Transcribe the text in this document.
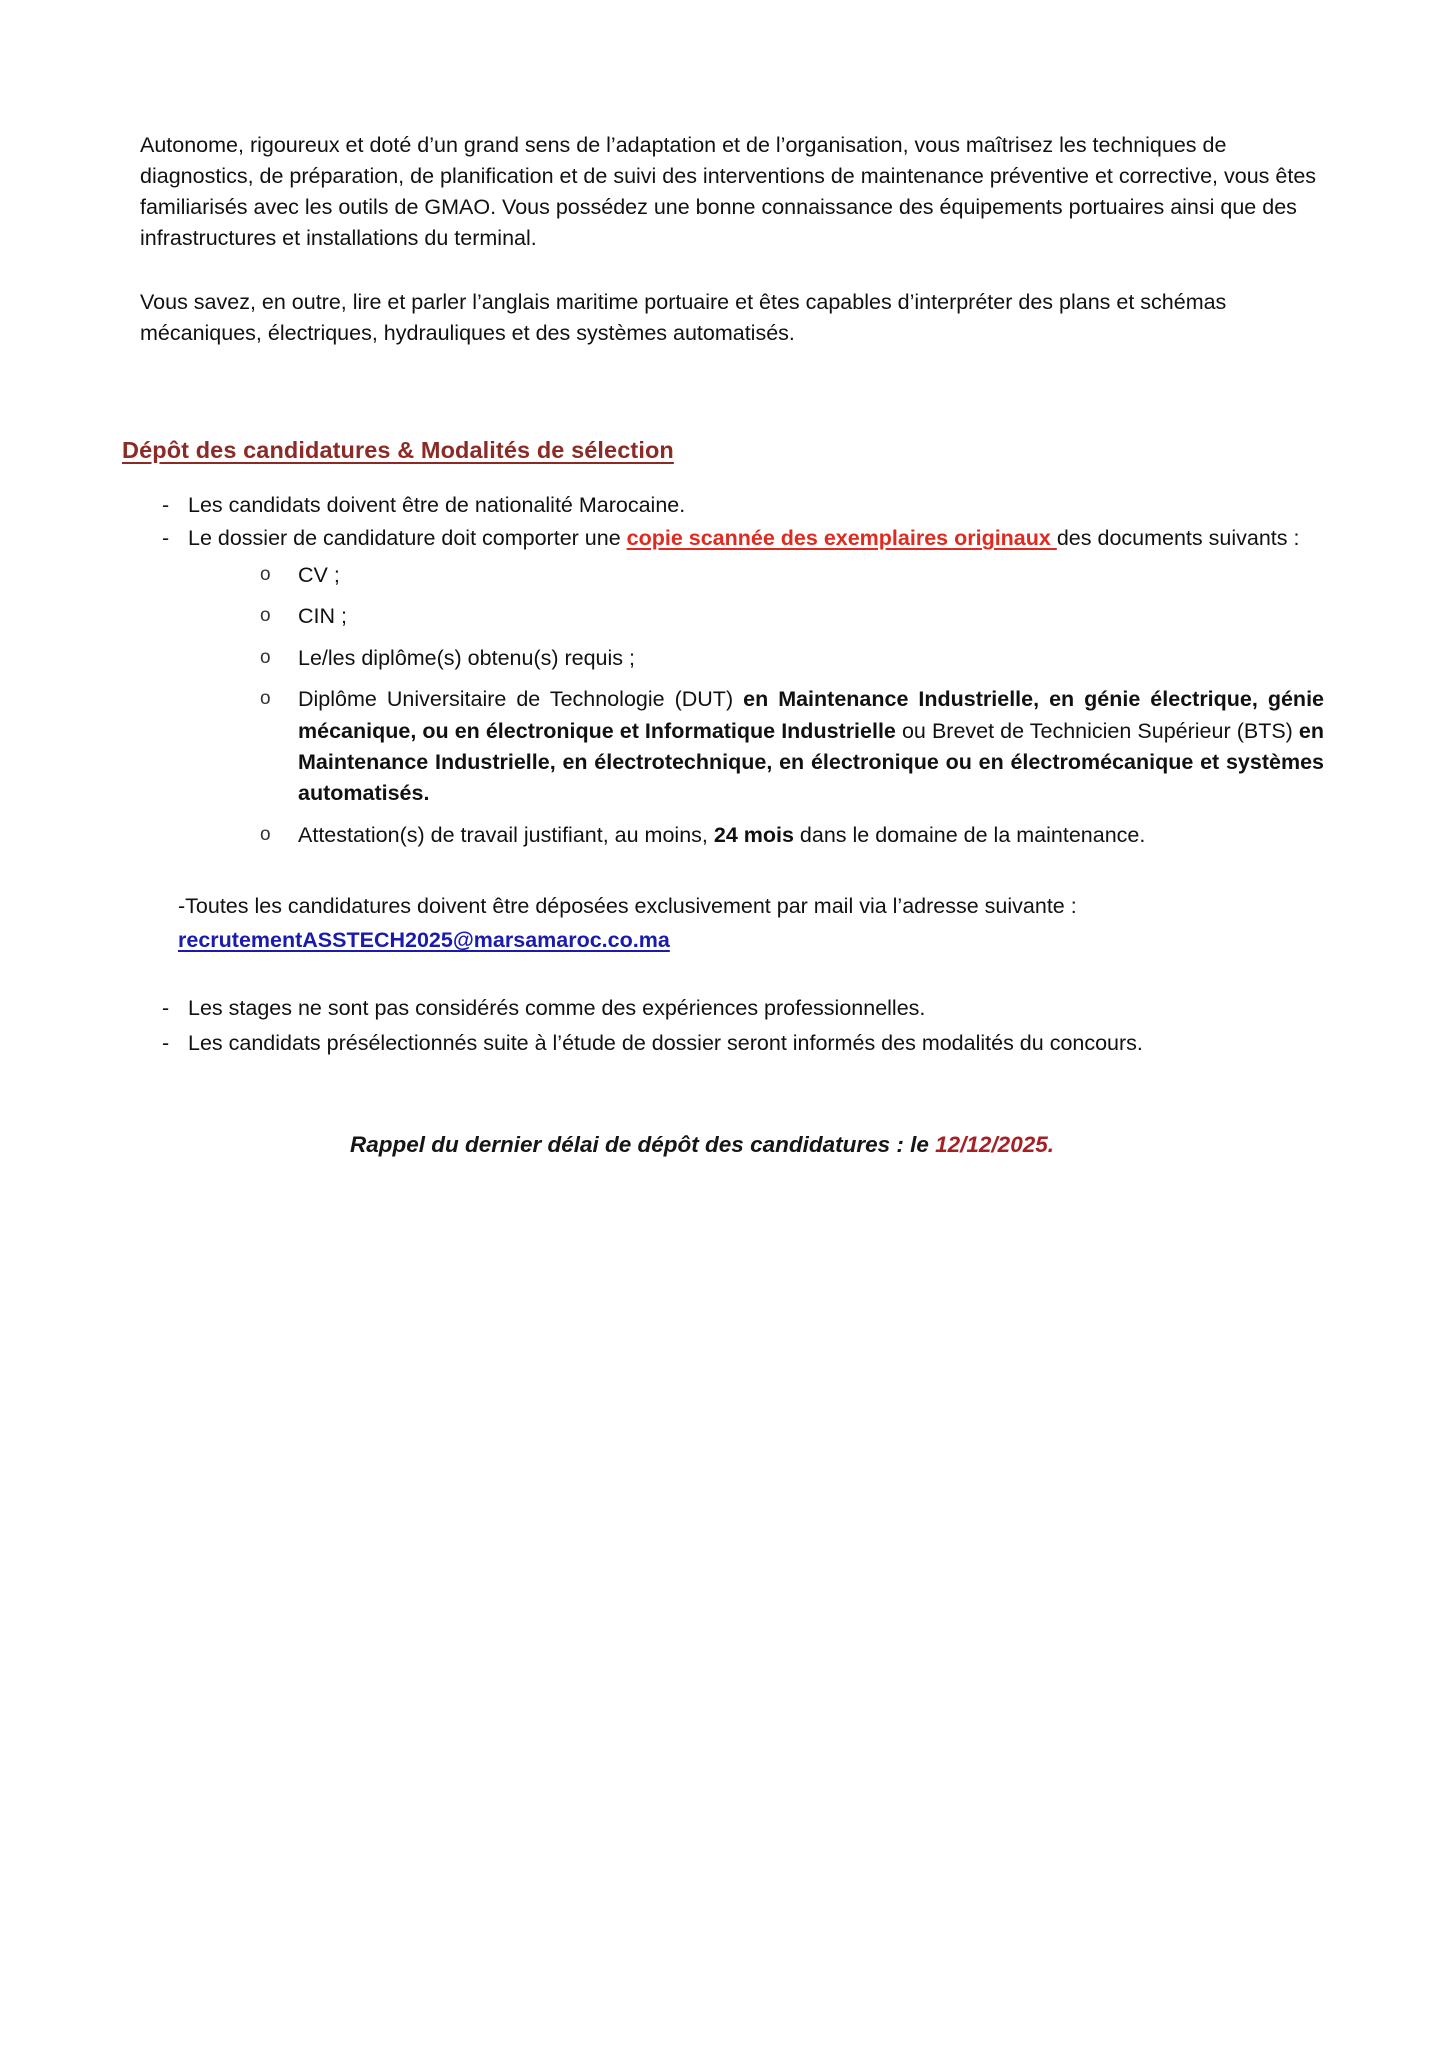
Autonome, rigoureux et doté d’un grand sens de l’adaptation et de l’organisation, vous maîtrisez les techniques de diagnostics, de préparation, de planification et de suivi des interventions de maintenance préventive et corrective, vous êtes familiarisés avec les outils de GMAO. Vous possédez une bonne connaissance des équipements portuaires ainsi que des infrastructures et installations du terminal.

Vous savez, en outre, lire et parler l’anglais maritime portuaire et êtes capables d’interpréter des plans et schémas mécaniques, électriques, hydrauliques et des systèmes automatisés.

Dépôt des candidatures & Modalités de sélection
- Les candidats doivent être de nationalité Marocaine.
- Le dossier de candidature doit comporter une copie scannée des exemplaires originaux des documents suivants :
o CV ;
o CIN ;
o Le/les diplôme(s) obtenu(s) requis ;
o Diplôme Universitaire de Technologie (DUT) en Maintenance Industrielle, en génie électrique, génie mécanique, ou en électronique et Informatique Industrielle ou Brevet de Technicien Supérieur (BTS) en Maintenance Industrielle, en électrotechnique, en électronique ou en électromécanique et systèmes automatisés.
o Attestation(s) de travail justifiant, au moins, 24 mois dans le domaine de la maintenance.
-Toutes les candidatures doivent être déposées exclusivement par mail via l’adresse suivante :
recrutementASSTECH2025@marsamaroc.co.ma
- Les stages ne sont pas considérés comme des expériences professionnelles.
- Les candidats présélectionnés suite à l’étude de dossier seront informés des modalités du concours.
Rappel du dernier délai de dépôt des candidatures : le 12/12/2025.
